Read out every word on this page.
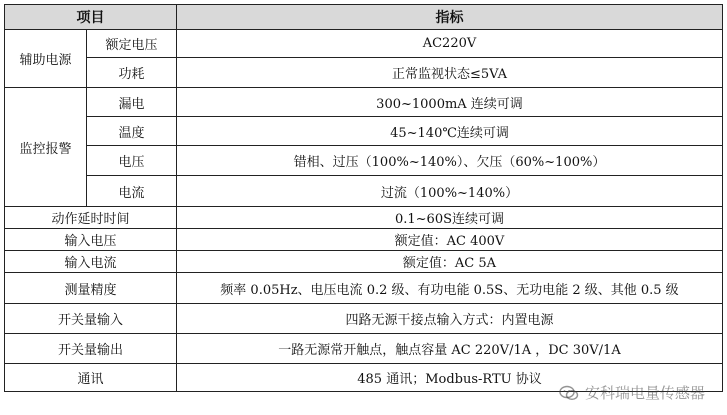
项目		指标
辅助电源	额定电压	AC220V
	功耗	正常监视状态≤5VA
监控报警	漏电	300~1000mA 连续可调
	温度	45~140℃连续可调
	电压	错相、过压（100%~140%）、欠压（60%~100%）
	电流	过流（100%~140%）
动作延时时间		0.1~60S连续可调
输入电压		额定值：AC 400V
输入电流		额定值：AC 5A
测量精度		频率 0.05Hz、电压电流 0.2 级、有功电能 0.5S、无功电能 2 级、其他 0.5 级
开关量输入		四路无源干接点输入方式：内置电源
开关量输出		一路无源常开触点，触点容量 AC 220V/1A ，DC 30V/1A
通讯		485 通讯；Modbus-RTU 协议
安科瑞电量传感器
